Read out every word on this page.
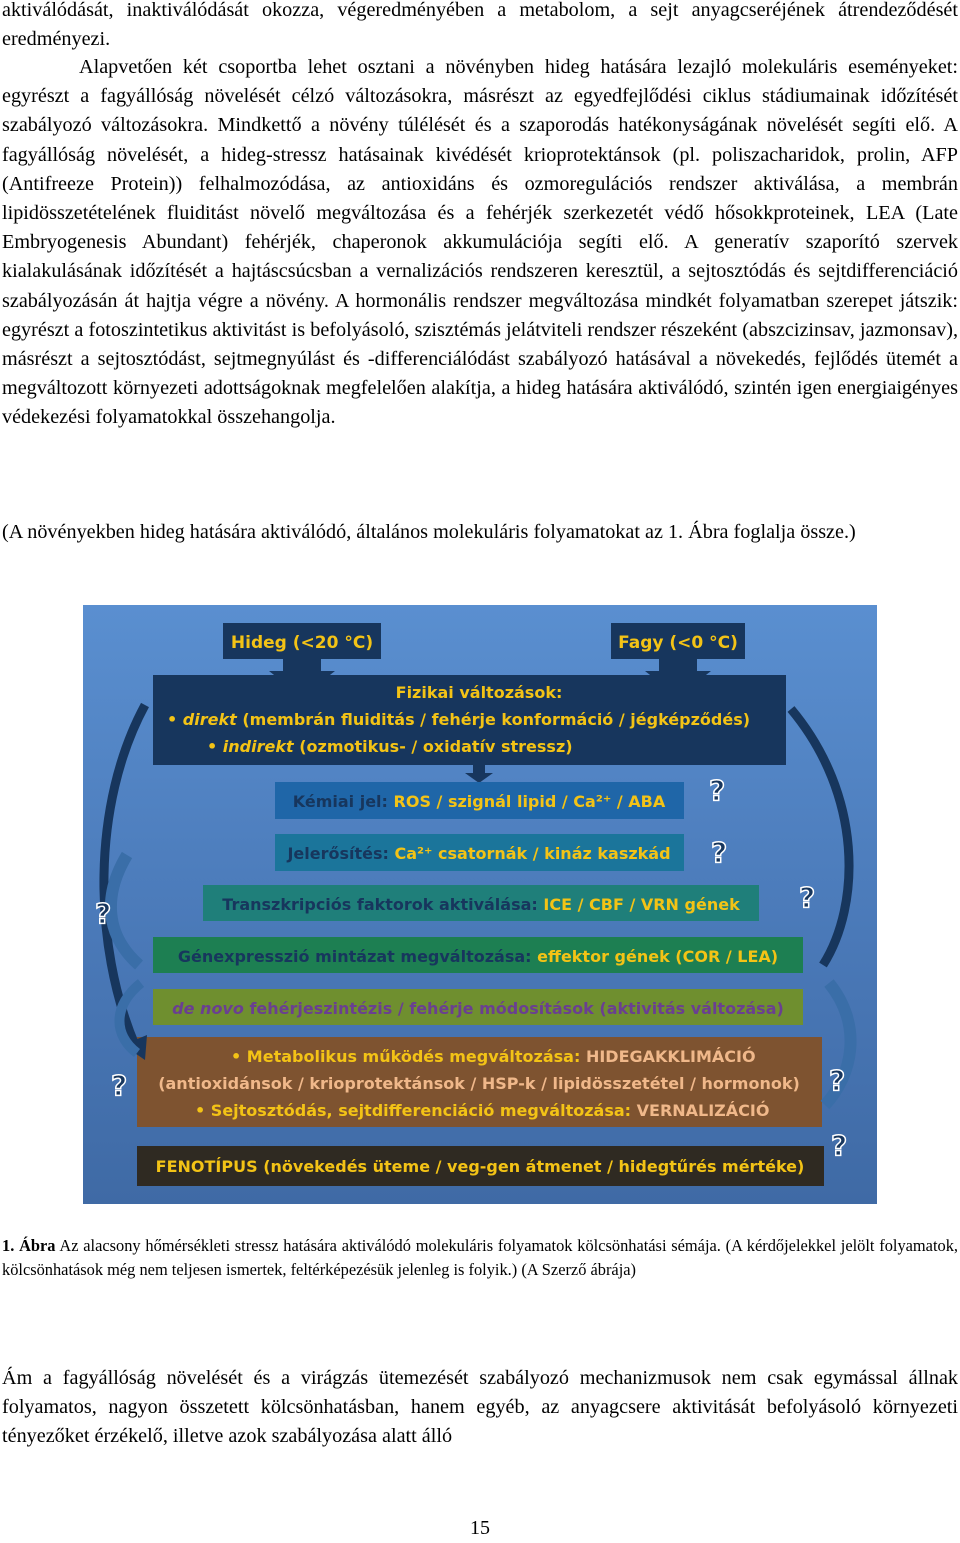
aktiválódását, inaktiválódását okozza, végeredményében a metabolom, a sejt anyagcseréjének átrendeződését eredményezi.
Alapvetően két csoportba lehet osztani a növényben hideg hatására lezajló molekuláris eseményeket: egyrészt a fagyállóság növelését célzó változásokra, másrészt az egyedfejlődési ciklus stádiumainak időzítését szabályozó változásokra. Mindkettő a növény túlélését és a szaporodás hatékonyságának növelését segíti elő. A fagyállóság növelését, a hideg-stressz hatásainak kivédését krioprotektánsok (pl. poliszacharidok, prolin, AFP (Antifreeze Protein)) felhalmozódása, az antioxidáns és ozmoregulációs rendszer aktiválása, a membrán lipidösszetételének fluiditást növelő megváltozása és a fehérjék szerkezetét védő hősokkproteinek, LEA (Late Embryogenesis Abundant) fehérjék, chaperonok akkumulációja segíti elő. A generatív szaporító szervek kialakulásának időzítését a hajtáscsúcsban a vernalizációs rendszeren keresztül, a sejtosztódás és sejtdifferenciáció szabályozásán át hajtja végre a növény. A hormonális rendszer megváltozása mindkét folyamatban szerepet játszik: egyrészt a fotoszintetikus aktivitást is befolyásoló, szisztémás jelátviteli rendszer részeként (abszcizinsav, jazmonsav), másrészt a sejtosztódást, sejtmegnyúlást és -differenciálódást szabályozó hatásával a növekedés, fejlődés ütemét a megváltozott környezeti adottságoknak megfelelően alakítja, a hideg hatására aktiválódó, szintén igen energiaigényes védekezési folyamatokkal összehangolja.
(A növényekben hideg hatására aktiválódó, általános molekuláris folyamatokat az 1. Ábra foglalja össze.)
Hideg (<20 °C)	Fagy (<0 °C)
Fizikai változások:
• direkt (membrán fluiditás / fehérje konformáció / jégképződés)
• indirekt (ozmotikus- / oxidatív stressz)
Kémiai jel: ROS / szignál lipid / Ca²⁺ / ABA
Jelerősítés: Ca²⁺ csatornák / kináz kaszkád
Transzkripciós faktorok aktiválása: ICE / CBF / VRN gének
Génexpresszió mintázat megváltozása: effektor gének (COR / LEA)
de novo fehérjeszintézis / fehérje módosítások (aktivitás változása)
• Metabolikus működés megváltozása: HIDEGAKKLIMÁCIÓ
(antioxidánsok / krioprotektánsok / HSP-k / lipidösszetétel / hormonok)
• Sejtosztódás, sejtdifferenciáció megváltozása: VERNALIZÁCIÓ
FENOTÍPUS (növekedés üteme / veg-gen átmenet / hidegtűrés mértéke)
?
?
?
?
?	?
?
1. Ábra Az alacsony hőmérsékleti stressz hatására aktiválódó molekuláris folyamatok kölcsönhatási sémája. (A kérdőjelekkel jelölt folyamatok, kölcsönhatások még nem teljesen ismertek, feltérképezésük jelenleg is folyik.) (A Szerző ábrája)
Ám a fagyállóság növelését és a virágzás ütemezését szabályozó mechanizmusok nem csak egymással állnak folyamatos, nagyon összetett kölcsönhatásban, hanem egyéb, az anyagcsere aktivitását befolyásoló környezeti tényezőket érzékelő, illetve azok szabályozása alatt álló
15
